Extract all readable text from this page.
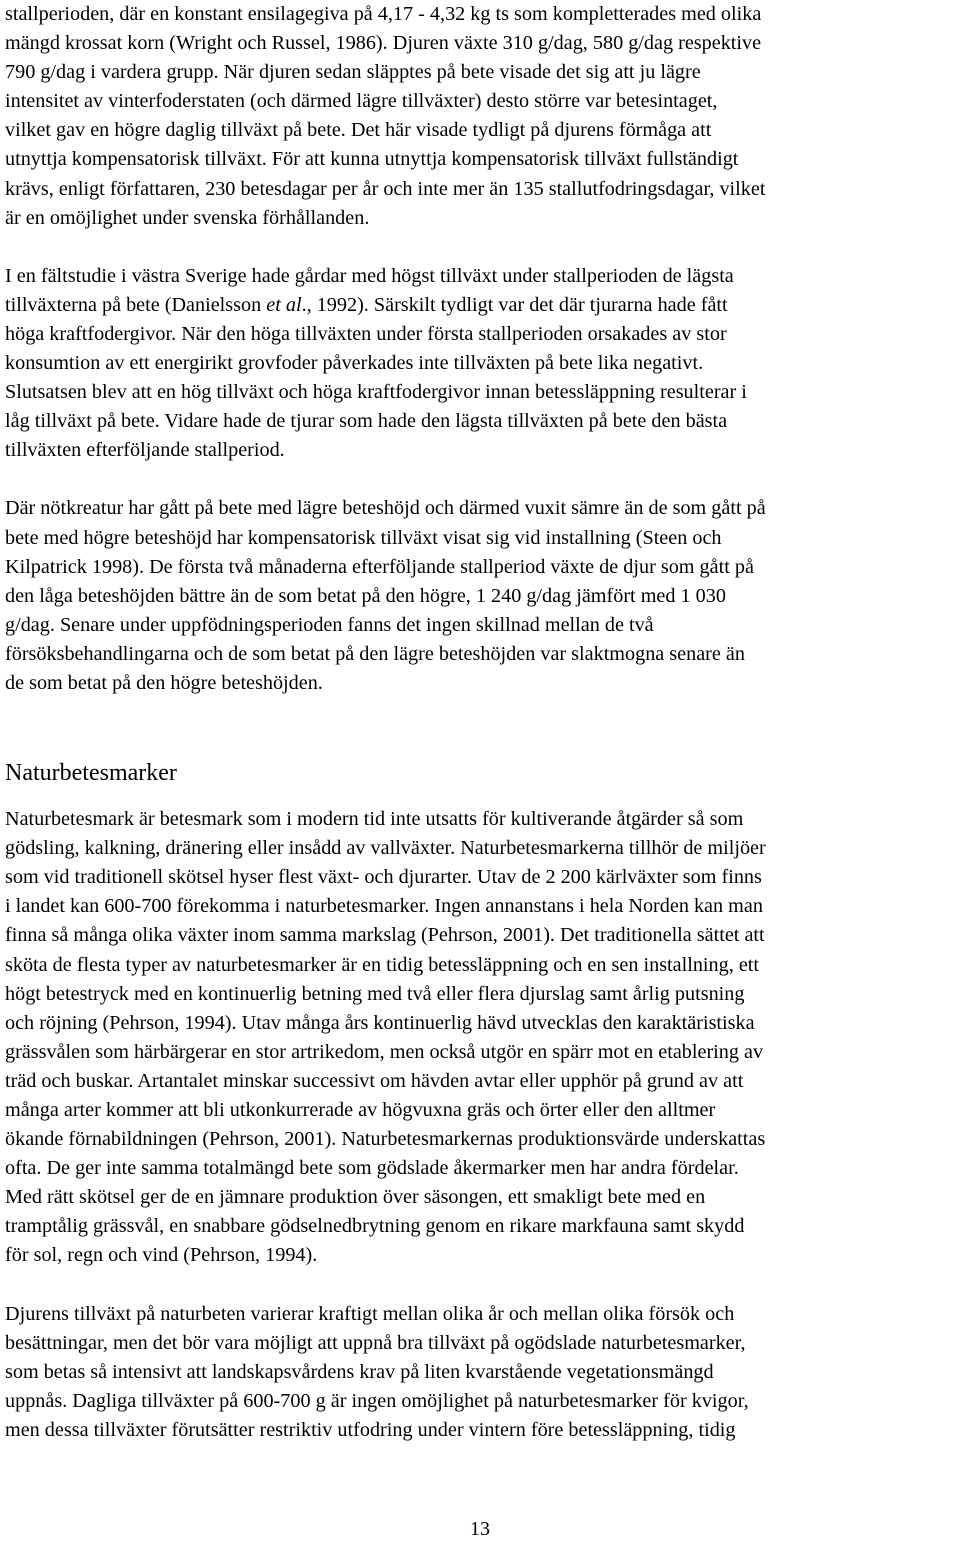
stallperioden, där en konstant ensilagegiva på 4,17 - 4,32 kg ts som kompletterades med olika
mängd krossat korn (Wright och Russel, 1986). Djuren växte 310 g/dag, 580 g/dag respektive
790 g/dag i vardera grupp. När djuren sedan släpptes på bete visade det sig att ju lägre
intensitet av vinterfoderstaten (och därmed lägre tillväxter) desto större var betesintaget,
vilket gav en högre daglig tillväxt på bete. Det här visade tydligt på djurens förmåga att
utnyttja kompensatorisk tillväxt. För att kunna utnyttja kompensatorisk tillväxt fullständigt
krävs, enligt författaren, 230 betesdagar per år och inte mer än 135 stallutfodringsdagar, vilket
är en omöjlighet under svenska förhållanden.

I en fältstudie i västra Sverige hade gårdar med högst tillväxt under stallperioden de lägsta
tillväxterna på bete (Danielsson et al., 1992). Särskilt tydligt var det där tjurarna hade fått
höga kraftfodergivor. När den höga tillväxten under första stallperioden orsakades av stor
konsumtion av ett energirikt grovfoder påverkades inte tillväxten på bete lika negativt.
Slutsatsen blev att en hög tillväxt och höga kraftfodergivor innan betessläppning resulterar i
låg tillväxt på bete. Vidare hade de tjurar som hade den lägsta tillväxten på bete den bästa
tillväxten efterföljande stallperiod.

Där nötkreatur har gått på bete med lägre beteshöjd och därmed vuxit sämre än de som gått på
bete med högre beteshöjd har kompensatorisk tillväxt visat sig vid installning (Steen och
Kilpatrick 1998). De första två månaderna efterföljande stallperiod växte de djur som gått på
den låga beteshöjden bättre än de som betat på den högre, 1 240 g/dag jämfört med 1 030
g/dag. Senare under uppfödningsperioden fanns det ingen skillnad mellan de två
försöksbehandlingarna och de som betat på den lägre beteshöjden var slaktmogna senare än
de som betat på den högre beteshöjden.

Naturbetesmarker

Naturbetesmark är betesmark som i modern tid inte utsatts för kultiverande åtgärder så som
gödsling, kalkning, dränering eller insådd av vallväxter. Naturbetesmarkerna tillhör de miljöer
som vid traditionell skötsel hyser flest växt- och djurarter. Utav de 2 200 kärlväxter som finns
i landet kan 600-700 förekomma i naturbetesmarker. Ingen annanstans i hela Norden kan man
finna så många olika växter inom samma markslag (Pehrson, 2001). Det traditionella sättet att
sköta de flesta typer av naturbetesmarker är en tidig betessläppning och en sen installning, ett
högt betestryck med en kontinuerlig betning med två eller flera djurslag samt årlig putsning
och röjning (Pehrson, 1994). Utav många års kontinuerlig hävd utvecklas den karaktäristiska
grässvålen som härbärgerar en stor artrikedom, men också utgör en spärr mot en etablering av
träd och buskar. Artantalet minskar successivt om hävden avtar eller upphör på grund av att
många arter kommer att bli utkonkurrerade av högvuxna gräs och örter eller den alltmer
ökande förnabildningen (Pehrson, 2001). Naturbetesmarkernas produktionsvärde underskattas
ofta. De ger inte samma totalmängd bete som gödslade åkermarker men har andra fördelar.
Med rätt skötsel ger de en jämnare produktion över säsongen, ett smakligt bete med en
tramptålig grässvål, en snabbare gödselnedbrytning genom en rikare markfauna samt skydd
för sol, regn och vind (Pehrson, 1994).

Djurens tillväxt på naturbeten varierar kraftigt mellan olika år och mellan olika försök och
besättningar, men det bör vara möjligt att uppnå bra tillväxt på ogödslade naturbetesmarker,
som betas så intensivt att landskapsvårdens krav på liten kvarstående vegetationsmängd
uppnås. Dagliga tillväxter på 600-700 g är ingen omöjlighet på naturbetesmarker för kvigor,
men dessa tillväxter förutsätter restriktiv utfodring under vintern före betessläppning, tidig

13
